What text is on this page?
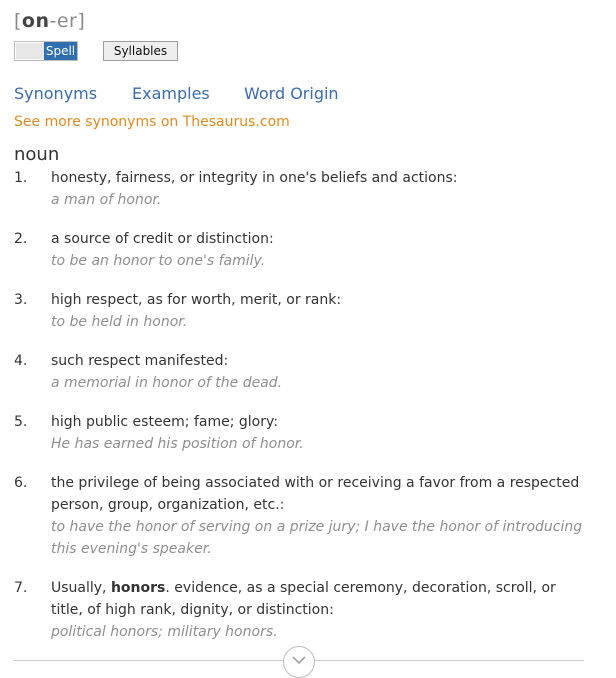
[on-er]
Spell	Syllables
Synonyms Examples Word Origin
See more synonyms on Thesaurus.com
noun
1. honesty, fairness, or integrity in one's beliefs and actions:
a man of honor.
2. a source of credit or distinction:
to be an honor to one's family.
3. high respect, as for worth, merit, or rank:
to be held in honor.
4. such respect manifested:
a memorial in honor of the dead.
5. high public esteem; fame; glory:
He has earned his position of honor.
6. the privilege of being associated with or receiving a favor from a respected person, group, organization, etc.:
to have the honor of serving on a prize jury; I have the honor of introducing this evening's speaker.
7. Usually, honors. evidence, as a special ceremony, decoration, scroll, or title, of high rank, dignity, or distinction:
political honors; military honors.
